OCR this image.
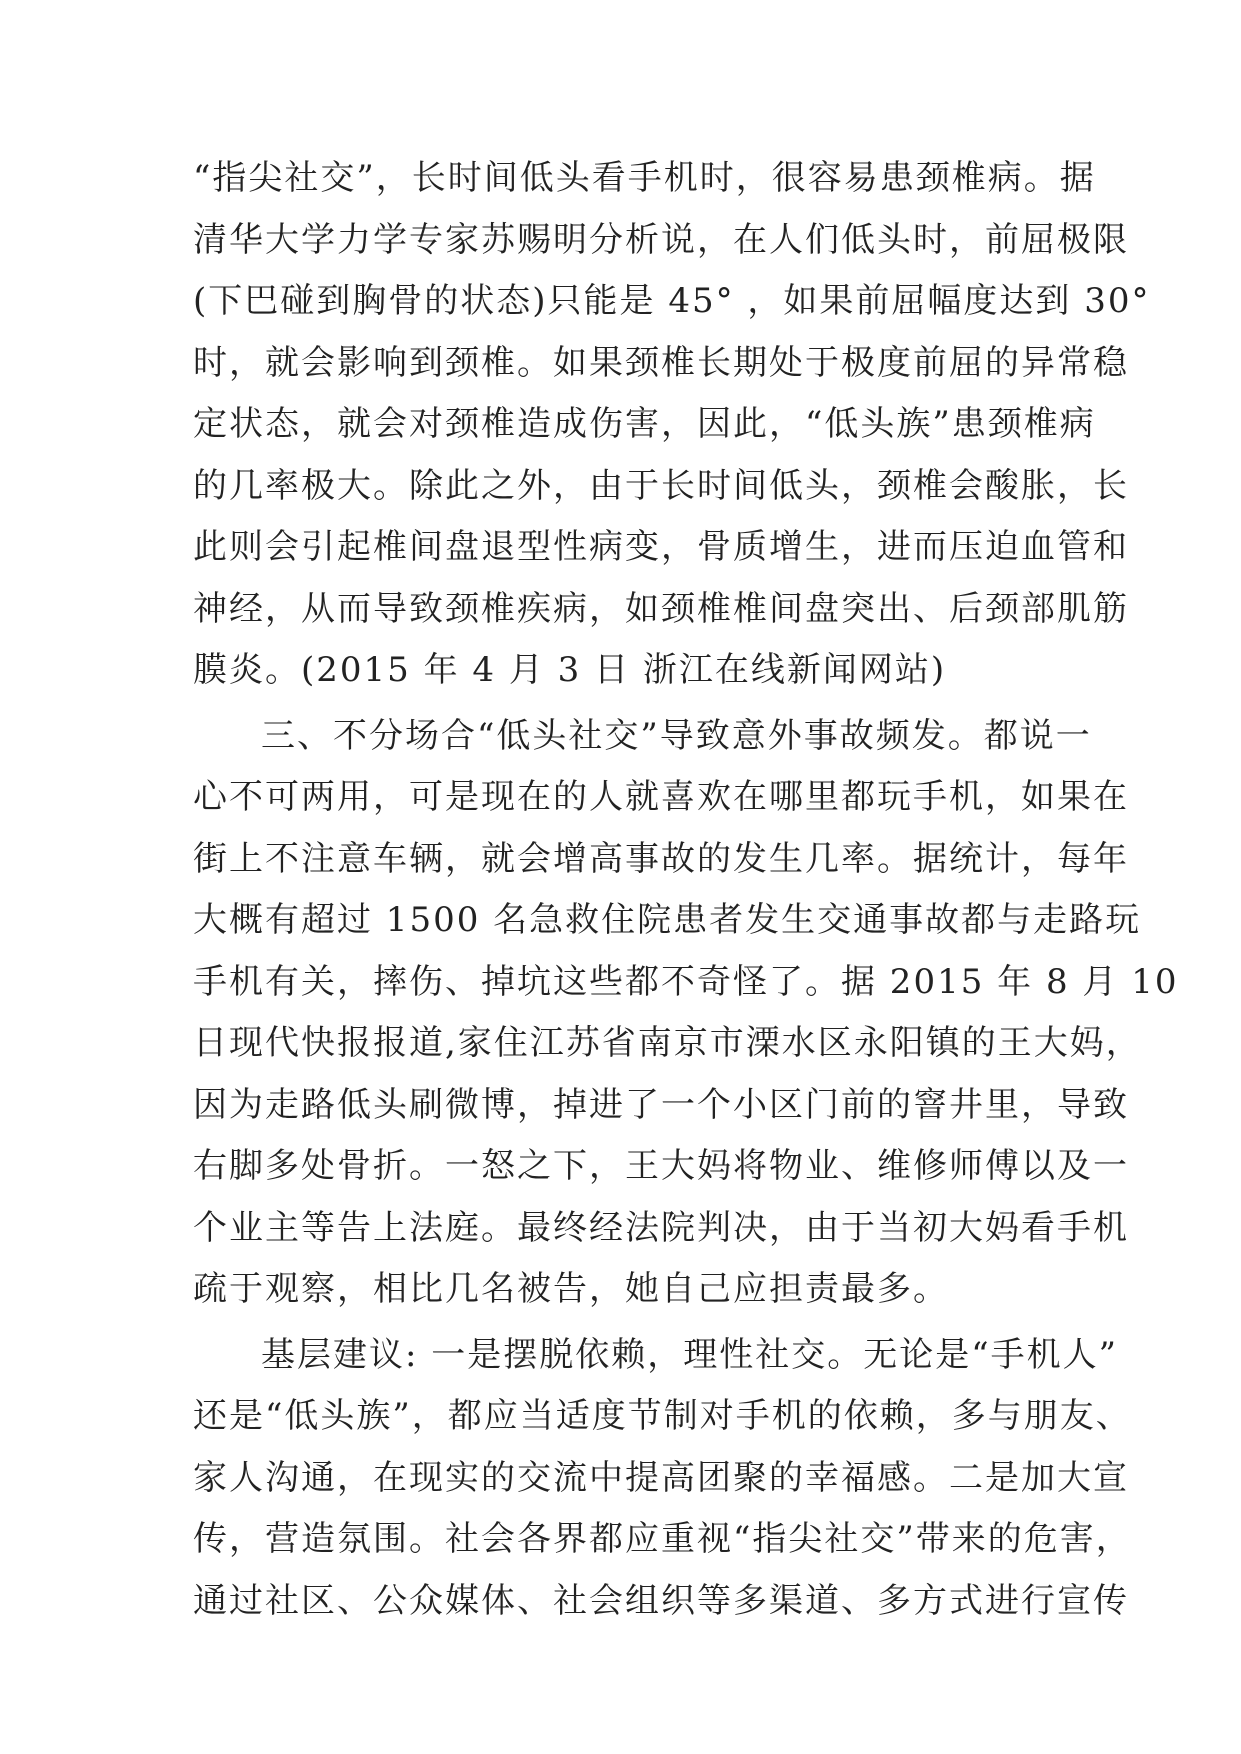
“指尖社交”，长时间低头看手机时，很容易患颈椎病。据
清华大学力学专家苏赐明分析说，在人们低头时，前屈极限
(下巴碰到胸骨的状态)只能是 45° ，如果前屈幅度达到 30°
时，就会影响到颈椎。如果颈椎长期处于极度前屈的异常稳
定状态，就会对颈椎造成伤害，因此，“低头族”患颈椎病
的几率极大。除此之外，由于长时间低头，颈椎会酸胀，长
此则会引起椎间盘退型性病变，骨质增生，进而压迫血管和
神经，从而导致颈椎疾病，如颈椎椎间盘突出、后颈部肌筋
膜炎。(2015 年 4 月 3 日 浙江在线新闻网站)
三、不分场合“低头社交”导致意外事故频发。都说一
心不可两用，可是现在的人就喜欢在哪里都玩手机，如果在
街上不注意车辆，就会增高事故的发生几率。据统计，每年
大概有超过 1500 名急救住院患者发生交通事故都与走路玩
手机有关，摔伤、掉坑这些都不奇怪了。据 2015 年 8 月 10
日现代快报报道,家住江苏省南京市溧水区永阳镇的王大妈，
因为走路低头刷微博，掉进了一个小区门前的窨井里，导致
右脚多处骨折。一怒之下，王大妈将物业、维修师傅以及一
个业主等告上法庭。最终经法院判决，由于当初大妈看手机
疏于观察，相比几名被告，她自己应担责最多。
基层建议: 一是摆脱依赖，理性社交。无论是“手机人”
还是“低头族”，都应当适度节制对手机的依赖，多与朋友、
家人沟通，在现实的交流中提高团聚的幸福感。二是加大宣
传，营造氛围。社会各界都应重视“指尖社交”带来的危害，
通过社区、公众媒体、社会组织等多渠道、多方式进行宣传
